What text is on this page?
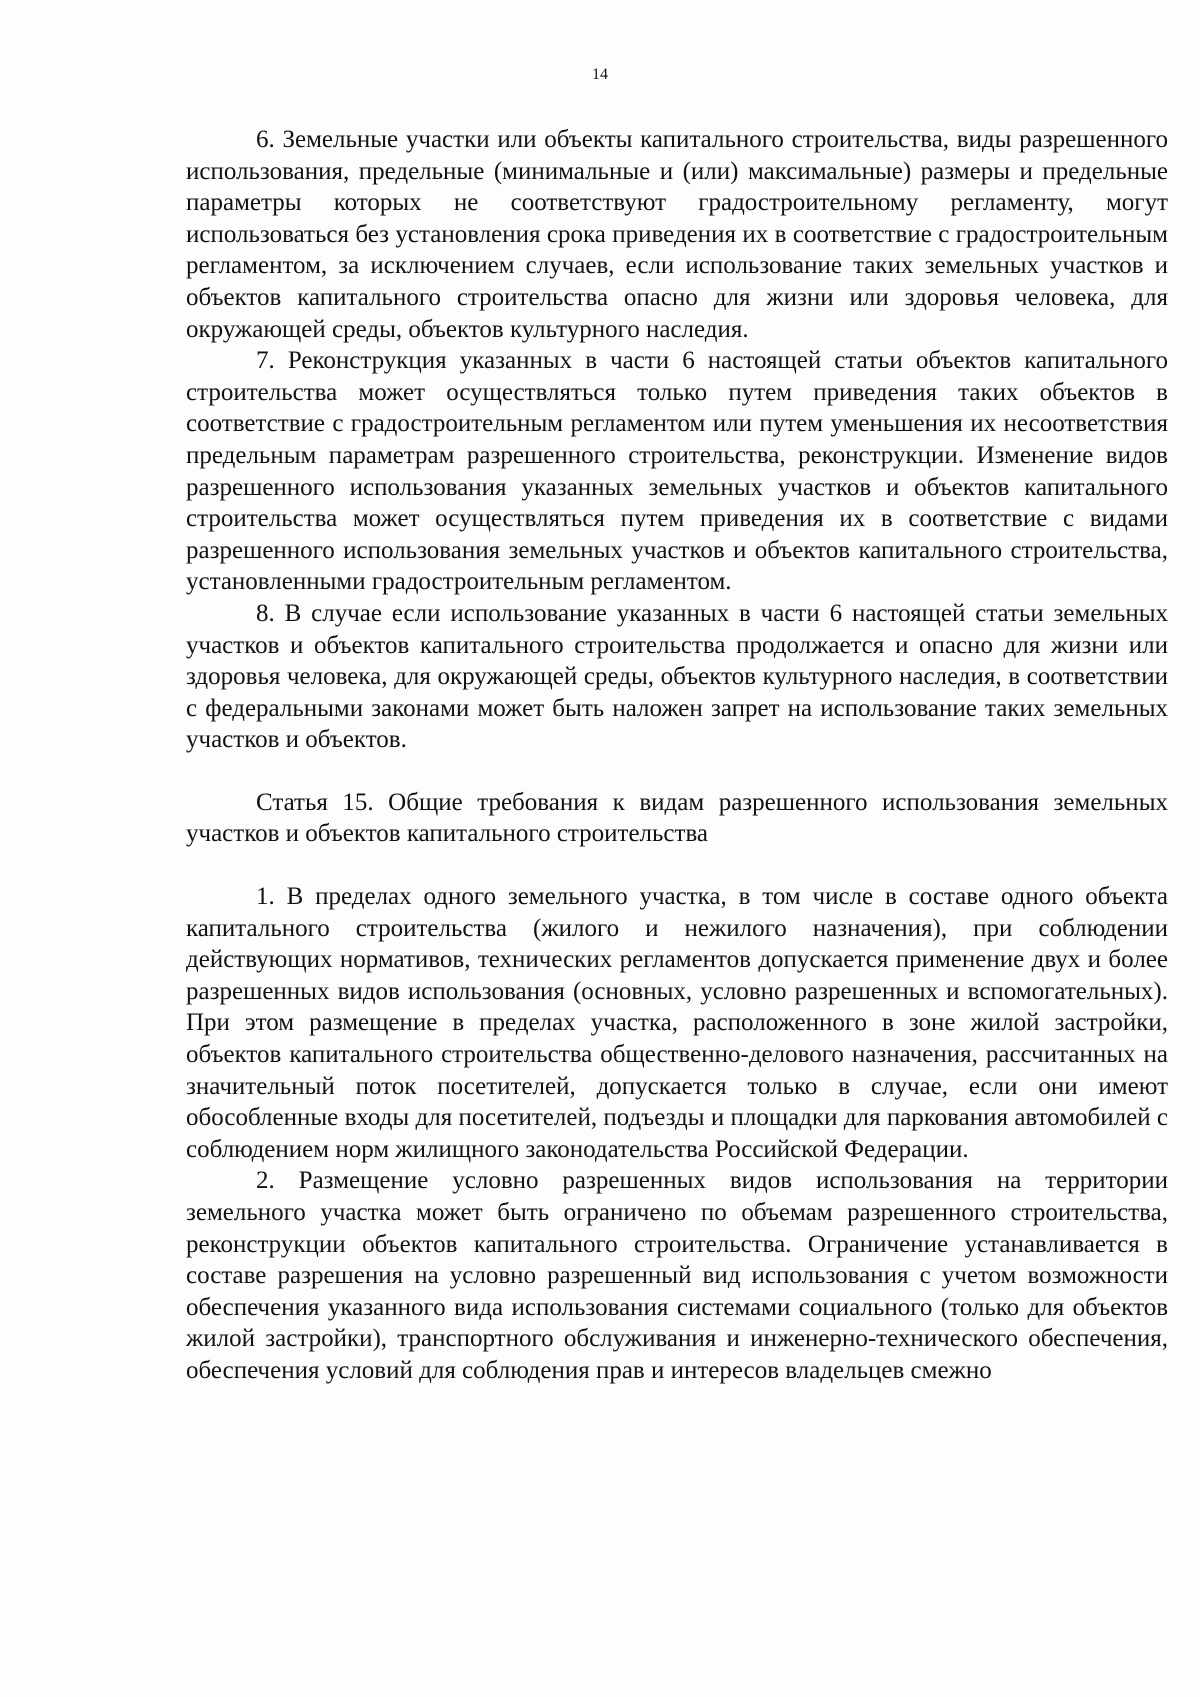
14

6. Земельные участки или объекты капитального строительства, виды разрешенного использования, предельные (минимальные и (или) максимальные) размеры и предельные параметры которых не соответствуют градостроительному регламенту, могут использоваться без установления срока приведения их в соответствие с градостроительным регламентом, за исключением случаев, если использование таких земельных участков и объектов капитального строительства опасно для жизни или здоровья человека, для окружающей среды, объектов культурного наследия.

7. Реконструкция указанных в части 6 настоящей статьи объектов капитального строительства может осуществляться только путем приведения таких объектов в соответствие с градостроительным регламентом или путем уменьшения их несоответствия предельным параметрам разрешенного строительства, реконструкции. Изменение видов разрешенного использования указанных земельных участков и объектов капитального строительства может осуществляться путем приведения их в соответствие с видами разрешенного использования земельных участков и объектов капитального строительства, установленными градостроительным регламентом.

8. В случае если использование указанных в части 6 настоящей статьи земельных участков и объектов капитального строительства продолжается и опасно для жизни или здоровья человека, для окружающей среды, объектов культурного наследия, в соответствии с федеральными законами может быть наложен запрет на использование таких земельных участков и объектов.

Статья 15. Общие требования к видам разрешенного использования земельных участков и объектов капитального строительства

1. В пределах одного земельного участка, в том числе в составе одного объекта капитального строительства (жилого и нежилого назначения), при соблюдении действующих нормативов, технических регламентов допускается применение двух и более разрешенных видов использования (основных, условно разрешенных и вспомогательных). При этом размещение в пределах участка, расположенного в зоне жилой застройки, объектов капитального строительства общественно-делового назначения, рассчитанных на значительный поток посетителей, допускается только в случае, если они имеют обособленные входы для посетителей, подъезды и площадки для паркования автомобилей с соблюдением норм жилищного законодательства Российской Федерации.

2. Размещение условно разрешенных видов использования на территории земельного участка может быть ограничено по объемам разрешенного строительства, реконструкции объектов капитального строительства. Ограничение устанавливается в составе разрешения на условно разрешенный вид использования с учетом возможности обеспечения указанного вида использования системами социального (только для объектов жилой застройки), транспортного обслуживания и инженерно-технического обеспечения, обеспечения условий для соблюдения прав и интересов владельцев смежно
